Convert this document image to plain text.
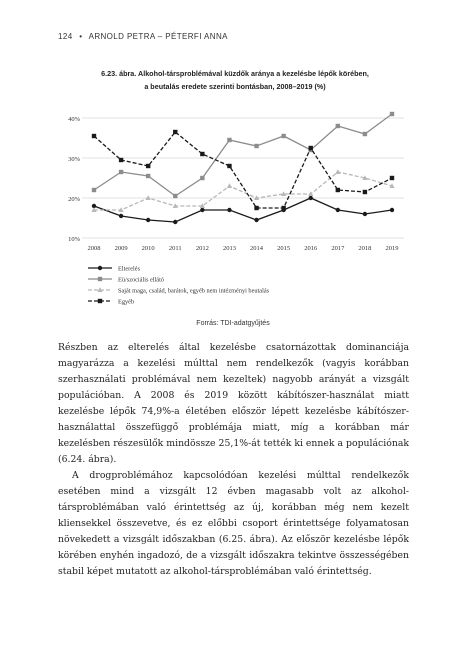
124 • ARNOLD PETRA – PÉTERFI ANNA
6.23. ábra. Alkohol-társproblémával küzdők aránya a kezelésbe lépők körében,
a beutalás eredete szerinti bontásban, 2008–2019 (%)
10%
20%
30%
40%
2008 2009 2010 2011 2012 2013 2014 2015 2016 2017 2018 2019
Elterelés
Eü/szociális ellátó
Saját maga, család, barátok, egyéb nem intézményi beutalás
Egyéb
Forrás: TDI-adatgyűjtés

Részben az elterelés által kezelésbe csatornázottak dominanciája magyarázza a kezelési múlttal nem rendelkezők (vagyis korábban szerhasználati problémával nem kezeltek) nagyobb arányát a vizsgált populációban. A 2008 és 2019 között kábítószer-használat miatt kezelésbe lépők 74,9%-a életében először lépett kezelésbe kábítószer-használattal összefüggő problémája miatt, míg a korábban már kezelésben részesülők mindössze 25,1%-át tették ki ennek a populációnak (6.24. ábra).

A drogproblémához kapcsolódóan kezelési múlttal rendelkezők esetében mind a vizsgált 12 évben magasabb volt az alkohol-társproblémában való érintettség az új, korábban még nem kezelt kliensekkel összevetve, és ez előbbi csoport érintettsége folyamatosan növekedett a vizsgált időszakban (6.25. ábra). Az először kezelésbe lépők körében enyhén ingadozó, de a vizsgált időszakra tekintve összességében stabil képet mutatott az alkohol-társproblémában való érintettség.
